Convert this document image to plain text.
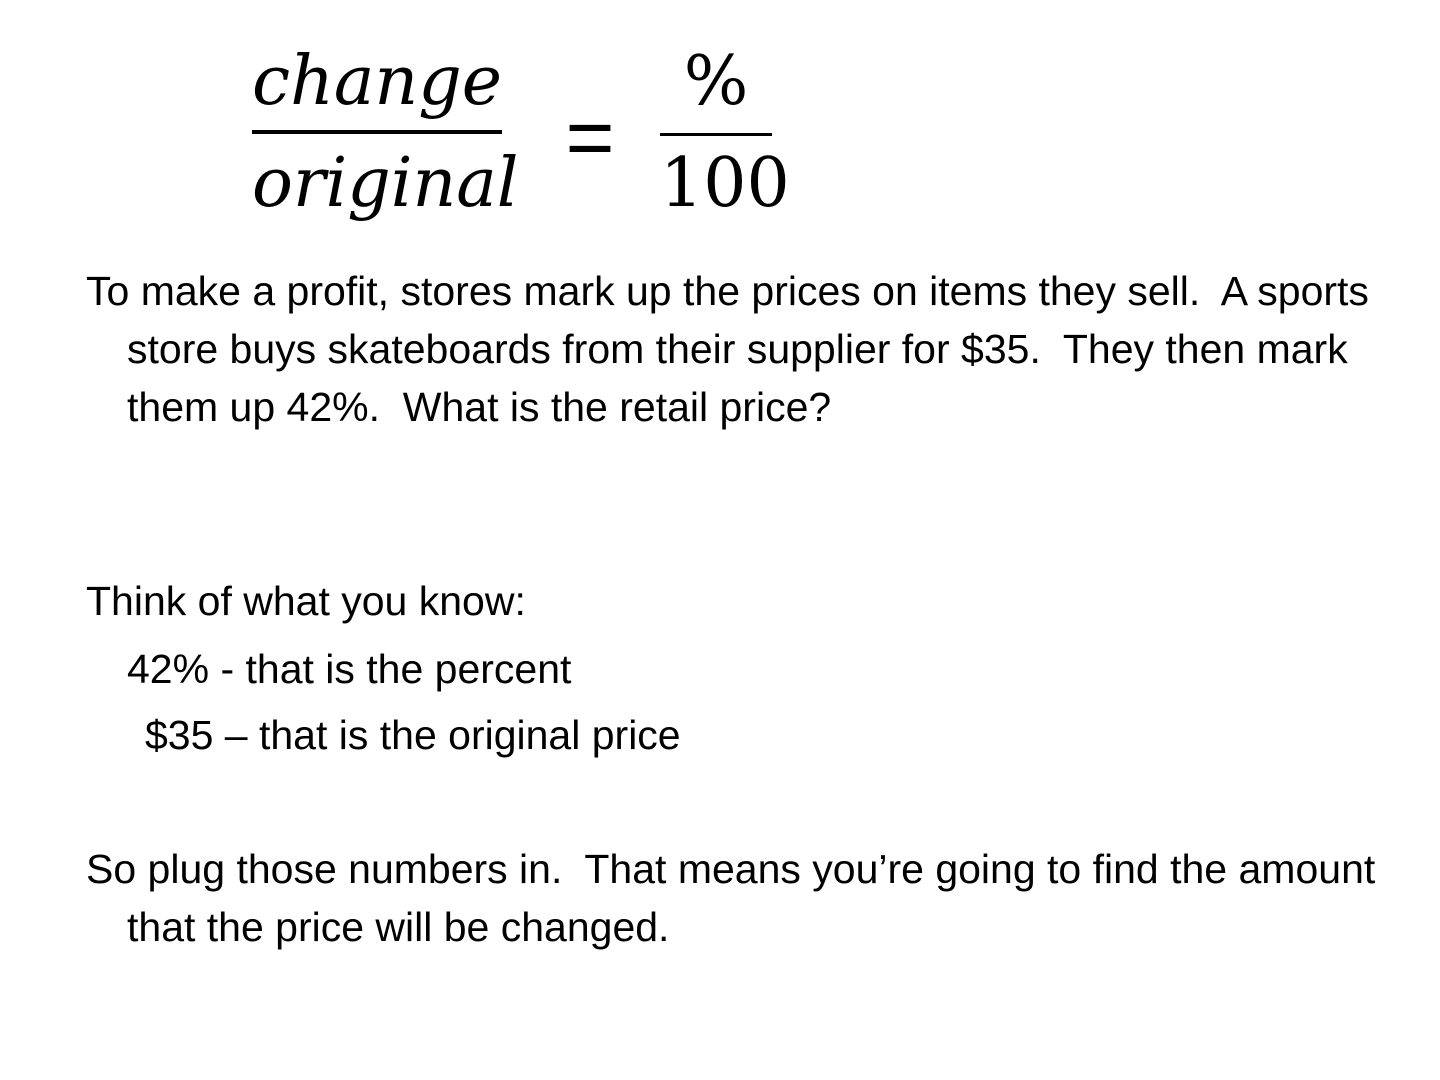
change
original =
%
100
To make a profit, stores mark up the prices on items they sell.  A sports store buys skateboards from their supplier for $35.  They then mark them up 42%.  What is the retail price?
Think of what you know:
42% - that is the percent
$35 – that is the original price
So plug those numbers in.  That means you’re going to find the amount that the price will be changed.
